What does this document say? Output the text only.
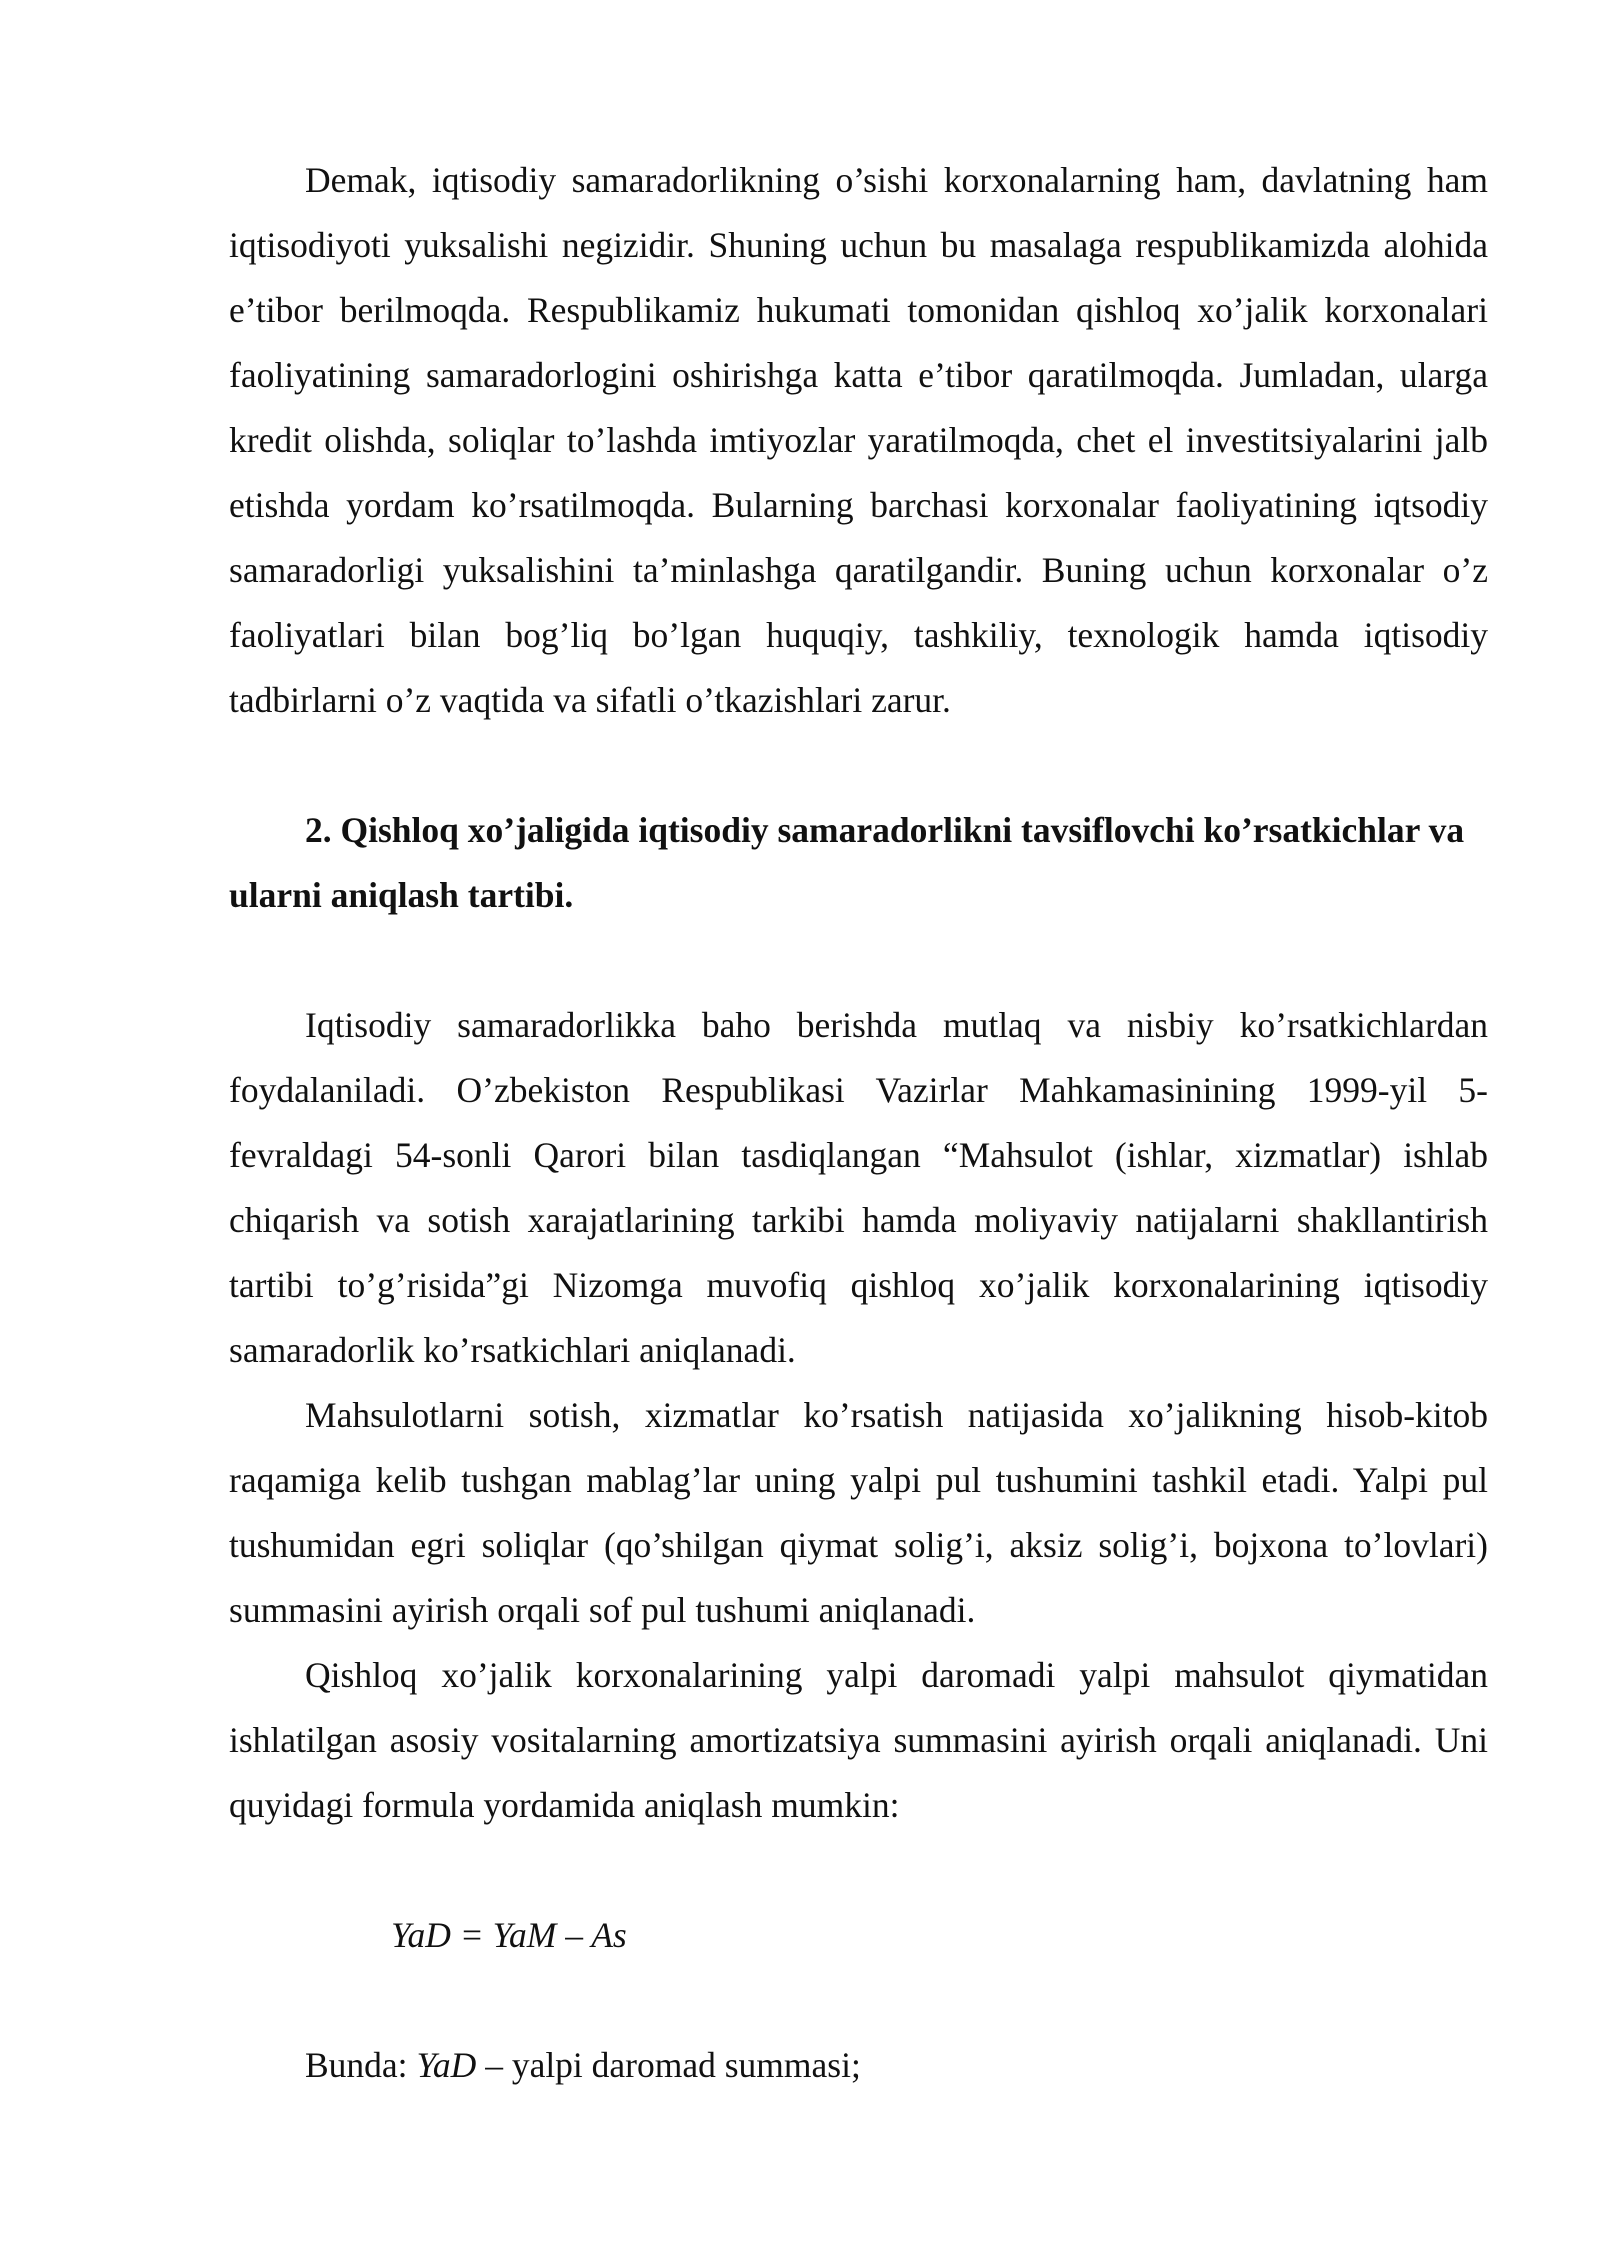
Demak, iqtisodiy samaradorlikning o’sishi korxonalarning ham, davlatning ham iqtisodiyoti yuksalishi negizidir. Shuning uchun bu masalaga respublikamizda alohida e’tibor berilmoqda. Respublikamiz hukumati tomonidan qishloq xo’jalik korxonalari faoliyatining samaradorlogini oshirishga katta e’tibor qaratilmoqda. Jumladan, ularga kredit olishda, soliqlar to’lashda imtiyozlar yaratilmoqda, chet el investitsiyalarini jalb etishda yordam ko’rsatilmoqda. Bularning barchasi korxonalar faoliyatining iqtsodiy samaradorligi yuksalishini ta’minlashga qaratilgandir. Buning uchun korxonalar o’z faoliyatlari bilan bog’liq bo’lgan huquqiy, tashkiliy, texnologik hamda iqtisodiy tadbirlarni o’z vaqtida va sifatli o’tkazishlari zarur.

2. Qishloq xo’jaligida iqtisodiy samaradorlikni tavsiflovchi ko’rsatkichlar va ularni aniqlash tartibi.

Iqtisodiy samaradorlikka baho berishda mutlaq va nisbiy ko’rsatkichlardan foydalaniladi. O’zbekiston Respublikasi Vazirlar Mahkamasinining 1999-yil 5-fevraldagi 54-sonli Qarori bilan tasdiqlangan “Mahsulot (ishlar, xizmatlar) ishlab chiqarish va sotish xarajatlarining tarkibi hamda moliyaviy natijalarni shakllantirish tartibi to’g’risida”gi Nizomga muvofiq qishloq xo’jalik korxonalarining iqtisodiy samaradorlik ko’rsatkichlari aniqlanadi.

Mahsulotlarni sotish, xizmatlar ko’rsatish natijasida xo’jalikning hisob-kitob raqamiga kelib tushgan mablag’lar uning yalpi pul tushumini tashkil etadi. Yalpi pul tushumidan egri soliqlar (qo’shilgan qiymat solig’i, aksiz solig’i, bojxona to’lovlari) summasini ayirish orqali sof pul tushumi aniqlanadi.

Qishloq xo’jalik korxonalarining yalpi daromadi yalpi mahsulot qiymatidan ishlatilgan asosiy vositalarning amortizatsiya summasini ayirish orqali aniqlanadi. Uni quyidagi formula yordamida aniqlash mumkin:

YaD = YaM – As

Bunda: YaD – yalpi daromad summasi;
